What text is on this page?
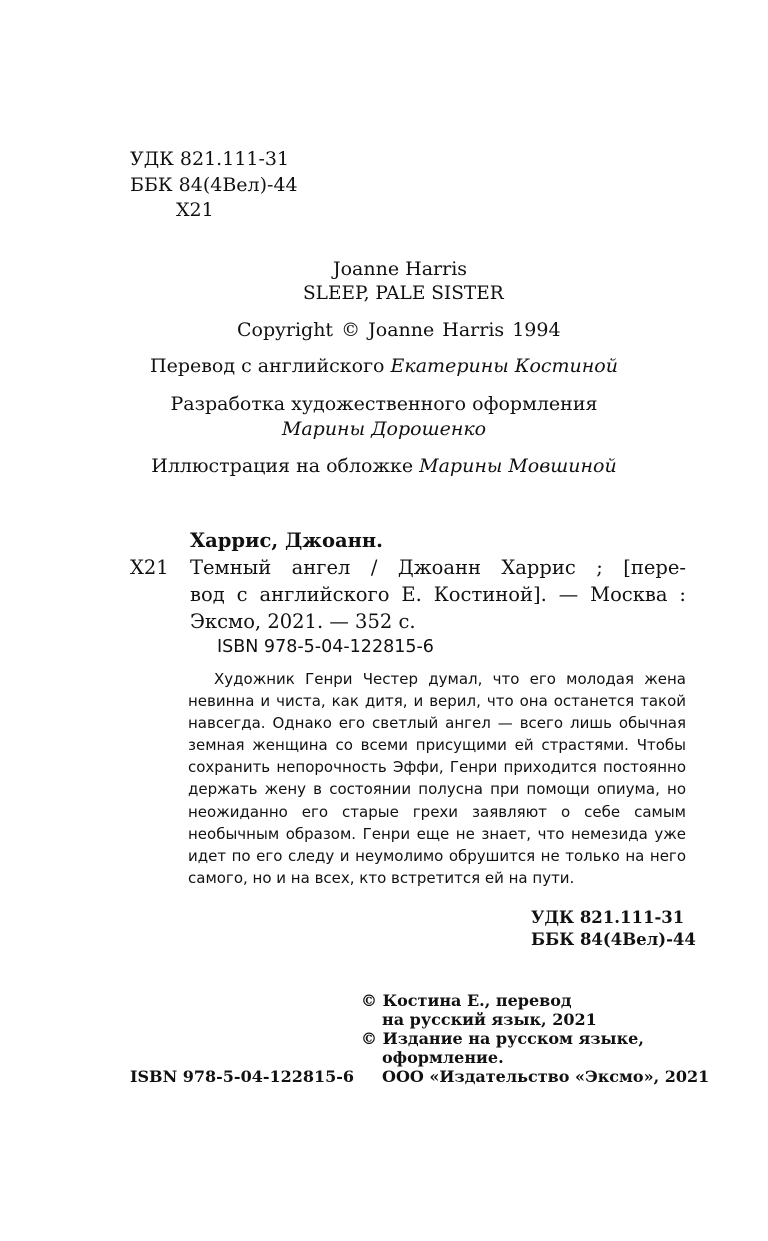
УДК 821.111-31
ББК 84(4Вел)-44
Х21
Joanne Harris
SLEEP, PALE SISTER
Copyright © Joanne Harris 1994
Перевод с английского Екатерины Костиной
Разработка художественного оформления
Марины Дорошенко
Иллюстрация на обложке Марины Мовшиной
Харрис, Джоанн.
Х21 Темный ангел / Джоанн Харрис ; [пере-
вод с английского Е. Костиной]. — Москва :
Эксмо, 2021. — 352 с.
ISBN 978-5-04-122815-6
Художник Генри Честер думал, что его молодая жена невинна и чиста, как дитя, и верил, что она останется такой навсегда. Однако его светлый ангел — всего лишь обычная земная женщина со всеми присущими ей страстями. Чтобы сохранить непорочность Эффи, Генри приходится постоянно держать жену в состоянии полусна при помощи опиума, но неожиданно его старые грехи заявляют о себе самым необычным образом. Генри еще не знает, что немезида уже идет по его следу и неумолимо обрушится не только на него самого, но и на всех, кто встретится ей на пути.
УДК 821.111-31
ББК 84(4Вел)-44
© Костина Е., перевод
на русский язык, 2021
© Издание на русском языке,
оформление.
ООО «Издательство «Эксмо», 2021
ISBN 978-5-04-122815-6
